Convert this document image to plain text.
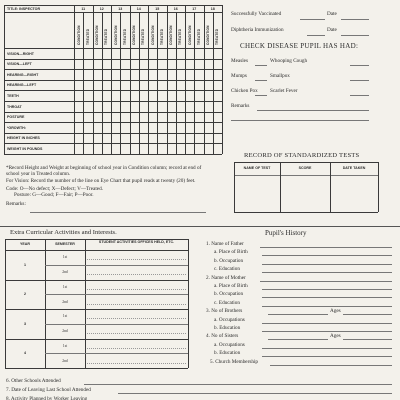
TITLE: INSPECTOR	11	12	13	14	15	16	17	18
CONDITION TREATED CONDITION TREATED CONDITION TREATED CONDITION TREATED CONDITION TREATED CONDITION TREATED CONDITION TREATED CONDITION TREATED
VISION—RIGHT
VISION—LEFT
HEARING—RIGHT
HEARING—LEFT
TEETH
THROAT
POSTURE
*GROWTH:
HEIGHT IN INCHES
WEIGHT IN POUNDS
*Record Height and Weight at beginning of school year in Condition column; record at end of school year in Treated column.
For Vision: Record the number of the line on Eye Chart that pupil reads at twenty (20) feet.
Code: O—No defect; X—Defect; V—Treated.
Posture: G—Good; F—Fair; P—Poor.
Remarks:
Successfully Vaccinated	Date
Diphtheria Immunization	Date
CHECK DISEASE PUPIL HAS HAD:
Measles	Whooping Cough
Mumps	Smallpox
Chicken Pox Scarlet Fever
Remarks
RECORD OF STANDARDIZED TESTS
NAME OF TEST	SCORE	DATE TAKEN
Extra Curricular Activities and Interests.
YEAR	SEMESTER	STUDENT ACTIVITIES OFFICES HELD, ETC.
1
1st
2nd
2
1st
2nd
3
1st
2nd
4
1st
2nd
Pupil's History
1. Name of Father
a. Place of Birth
b. Occupation
c. Education
2. Name of Mother
a. Place of Birth
b. Occupation
c. Education
3. No of Brothers	Ages
a. Occupations
b. Education
4. No of Sisters	Ages
a. Occupations
b. Education
5. Church Membership
6. Other Schools Attended
7. Date of Leaving Last School Attended
8. Activity Planned by Worker Leaving
